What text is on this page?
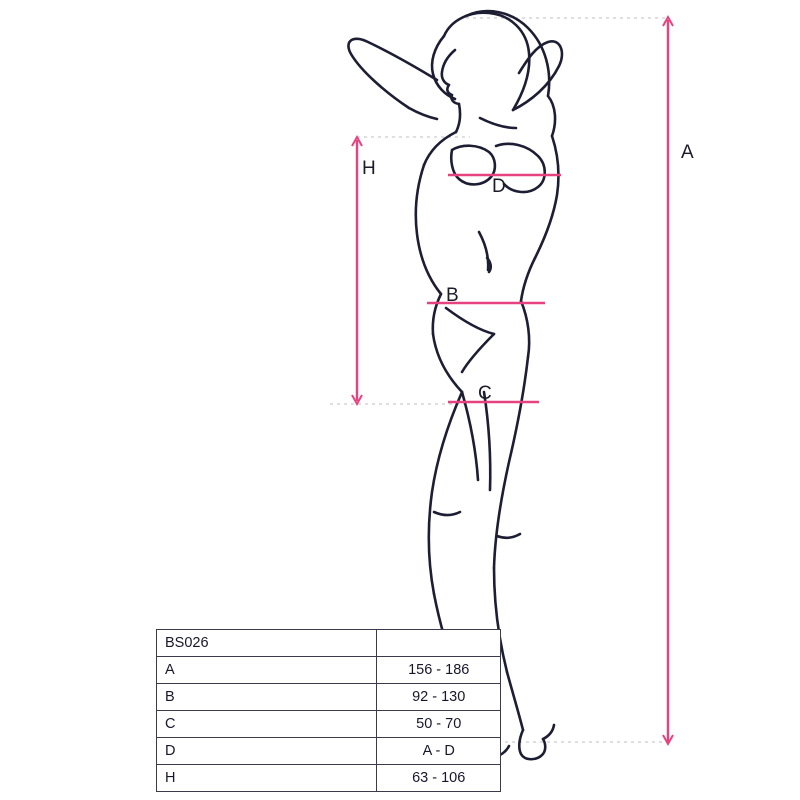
A
B
C
D
H
BS026	
A	156 - 186
B	92 - 130
C	50 - 70
D	A - D
H	63 - 106
